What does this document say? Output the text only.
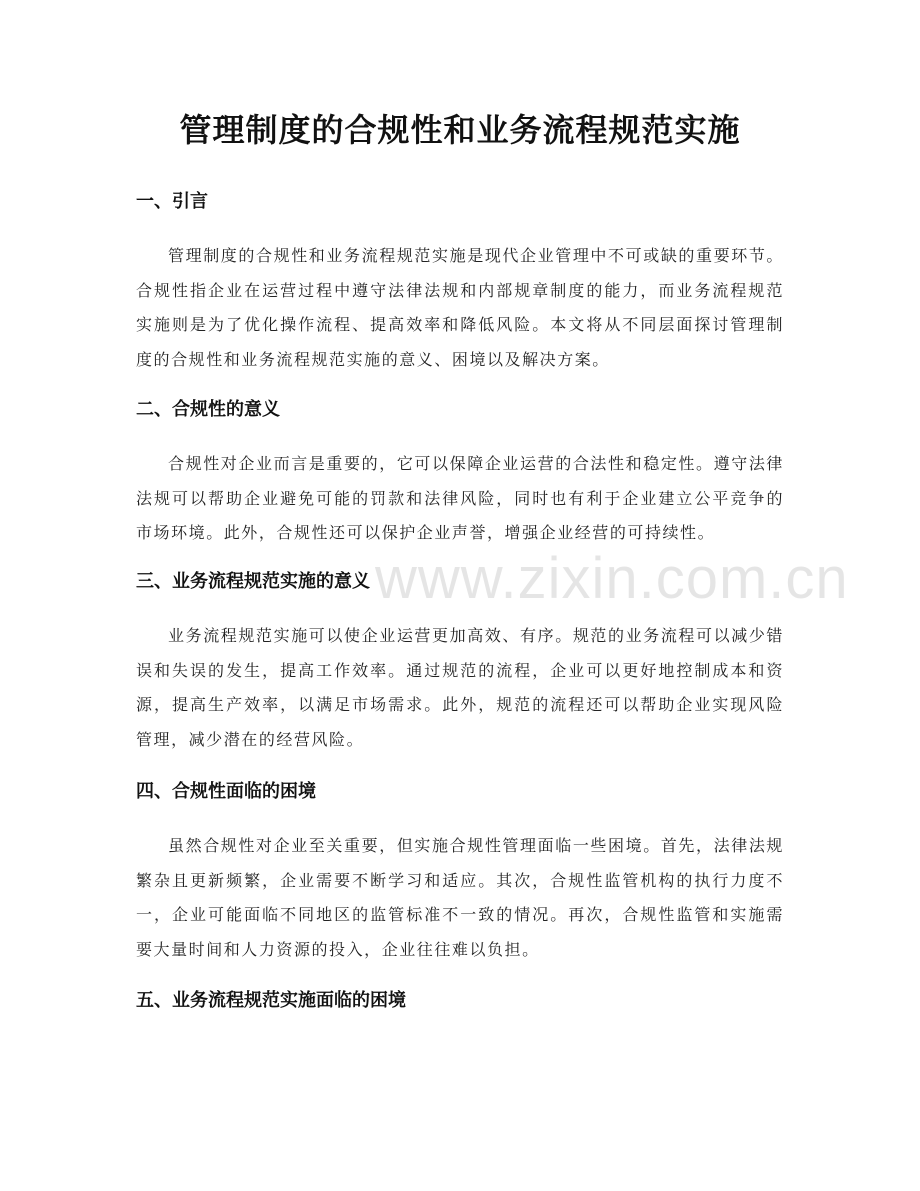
www.zixin.com.cn
管理制度的合规性和业务流程规范实施
一、引言

管理制度的合规性和业务流程规范实施是现代企业管理中不可或缺的重要环节。合规性指企业在运营过程中遵守法律法规和内部规章制度的能力，而业务流程规范实施则是为了优化操作流程、提高效率和降低风险。本文将从不同层面探讨管理制度的合规性和业务流程规范实施的意义、困境以及解决方案。

二、合规性的意义

合规性对企业而言是重要的，它可以保障企业运营的合法性和稳定性。遵守法律法规可以帮助企业避免可能的罚款和法律风险，同时也有利于企业建立公平竞争的市场环境。此外，合规性还可以保护企业声誉，增强企业经营的可持续性。

三、业务流程规范实施的意义

业务流程规范实施可以使企业运营更加高效、有序。规范的业务流程可以减少错误和失误的发生，提高工作效率。通过规范的流程，企业可以更好地控制成本和资源，提高生产效率，以满足市场需求。此外，规范的流程还可以帮助企业实现风险管理，减少潜在的经营风险。

四、合规性面临的困境

虽然合规性对企业至关重要，但实施合规性管理面临一些困境。首先，法律法规繁杂且更新频繁，企业需要不断学习和适应。其次，合规性监管机构的执行力度不一，企业可能面临不同地区的监管标准不一致的情况。再次，合规性监管和实施需要大量时间和人力资源的投入，企业往往难以负担。

五、业务流程规范实施面临的困境
